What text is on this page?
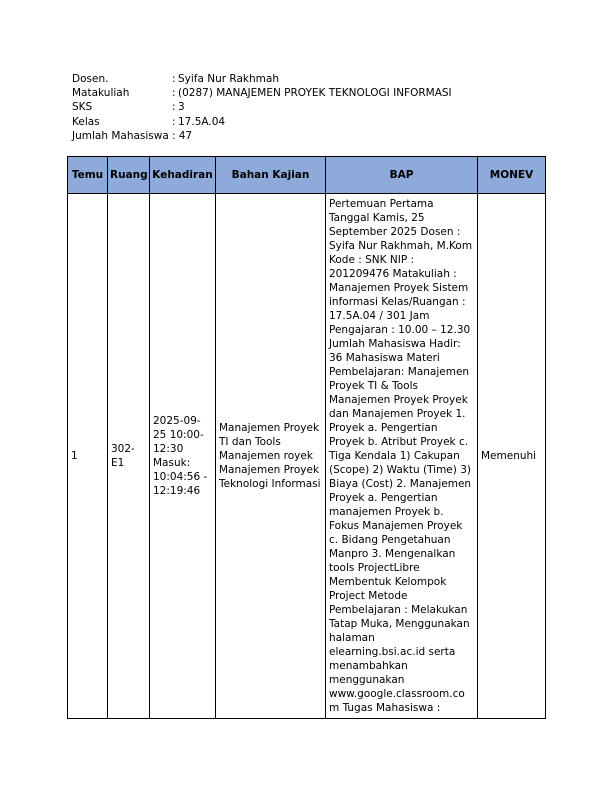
Dosen.	: Syifa Nur Rakhmah
Matakuliah	: (0287) MANAJEMEN PROYEK TEKNOLOGI INFORMASI
SKS	: 3
Kelas	: 17.5A.04
Jumlah Mahasiswa : 47
Temu	Ruang	Kehadiran	Bahan Kajian	BAP	MONEV
1	302-E1	2025-09-25 10:00-12:30 Masuk: 10:04:56 - 12:19:46	Manajemen Proyek TI dan Tools Manajemen royek Manajemen Proyek Teknologi Informasi	Pertemuan Pertama Tanggal Kamis, 25 September 2025 Dosen : Syifa Nur Rakhmah, M.Kom Kode : SNK NIP : 201209476 Matakuliah : Manajemen Proyek Sistem informasi Kelas/Ruangan : 17.5A.04 / 301 Jam Pengajaran : 10.00 – 12.30 Jumlah Mahasiswa Hadir: 36 Mahasiswa Materi Pembelajaran: Manajemen Proyek TI & Tools Manajemen Proyek Proyek dan Manajemen Proyek 1. Proyek a. Pengertian Proyek b. Atribut Proyek c. Tiga Kendala 1) Cakupan (Scope) 2) Waktu (Time) 3) Biaya (Cost) 2. Manajemen Proyek a. Pengertian manajemen Proyek b. Fokus Manajemen Proyek c. Bidang Pengetahuan Manpro 3. Mengenalkan tools ProjectLibre Membentuk Kelompok Project Metode Pembelajaran : Melakukan Tatap Muka, Menggunakan halaman elearning.bsi.ac.id serta menambahkan menggunakan www.google.classroom.com Tugas Mahasiswa :	Memenuhi
